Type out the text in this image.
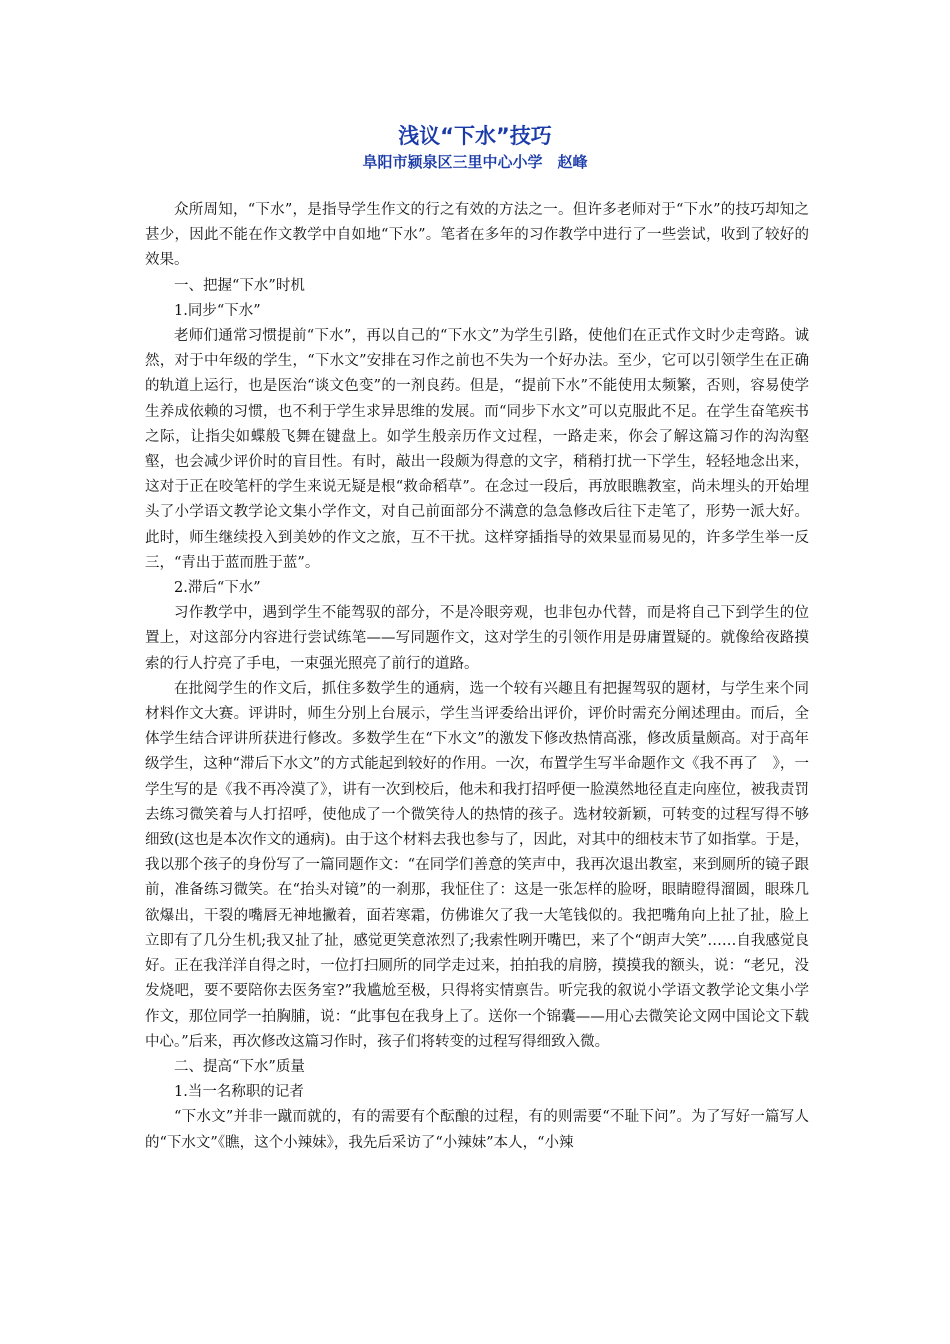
浅议“下水”技巧
阜阳市颍泉区三里中心小学　赵峰

众所周知，“下水”，是指导学生作文的行之有效的方法之一。但许多老师对于“下水”的技巧却知之甚少，因此不能在作文教学中自如地“下水”。笔者在多年的习作教学中进行了一些尝试，收到了较好的效果。

一、把握“下水”时机

1.同步“下水”

老师们通常习惯提前“下水”，再以自己的“下水文”为学生引路，使他们在正式作文时少走弯路。诚然，对于中年级的学生，“下水文”安排在习作之前也不失为一个好办法。至少，它可以引领学生在正确的轨道上运行，也是医治“谈文色变”的一剂良药。但是，“提前下水”不能使用太频繁，否则，容易使学生养成依赖的习惯，也不利于学生求异思维的发展。而“同步下水文”可以克服此不足。在学生奋笔疾书之际，让指尖如蝶般飞舞在键盘上。如学生般亲历作文过程，一路走来，你会了解这篇习作的沟沟壑壑，也会减少评价时的盲目性。有时，敲出一段颇为得意的文字，稍稍打扰一下学生，轻轻地念出来，这对于正在咬笔杆的学生来说无疑是根“救命稻草”。在念过一段后，再放眼瞧教室，尚未埋头的开始埋头了小学语文教学论文集小学作文，对自己前面部分不满意的急急修改后往下走笔了，形势一派大好。此时，师生继续投入到美妙的作文之旅，互不干扰。这样穿插指导的效果显而易见的，许多学生举一反三，“青出于蓝而胜于蓝”。

2.滞后“下水”

习作教学中，遇到学生不能驾驭的部分，不是冷眼旁观，也非包办代替，而是将自己下到学生的位置上，对这部分内容进行尝试练笔——写同题作文，这对学生的引领作用是毋庸置疑的。就像给夜路摸索的行人拧亮了手电，一束强光照亮了前行的道路。

在批阅学生的作文后，抓住多数学生的通病，选一个较有兴趣且有把握驾驭的题材，与学生来个同材料作文大赛。评讲时，师生分别上台展示，学生当评委给出评价，评价时需充分阐述理由。而后，全体学生结合评讲所获进行修改。多数学生在“下水文”的激发下修改热情高涨，修改质量颇高。对于高年级学生，这种“滞后下水文”的方式能起到较好的作用。一次，布置学生写半命题作文《我不再了　》，一学生写的是《我不再冷漠了》，讲有一次到校后，他未和我打招呼便一脸漠然地径直走向座位，被我责罚去练习微笑着与人打招呼，使他成了一个微笑待人的热情的孩子。选材较新颖，可转变的过程写得不够细致(这也是本次作文的通病)。由于这个材料去我也参与了，因此，对其中的细枝末节了如指掌。于是，我以那个孩子的身份写了一篇同题作文：“在同学们善意的笑声中，我再次退出教室，来到厕所的镜子跟前，准备练习微笑。在“抬头对镜”的一刹那，我怔住了：这是一张怎样的脸呀，眼睛瞪得溜圆，眼珠几欲爆出，干裂的嘴唇无神地撇着，面若寒霜，仿佛谁欠了我一大笔钱似的。我把嘴角向上扯了扯，脸上立即有了几分生机;我又扯了扯，感觉更笑意浓烈了;我索性咧开嘴巴，来了个“朗声大笑”……自我感觉良好。正在我洋洋自得之时，一位打扫厕所的同学走过来，拍拍我的肩膀，摸摸我的额头，说：“老兄，没发烧吧，要不要陪你去医务室?”我尴尬至极，只得将实情禀告。听完我的叙说小学语文教学论文集小学作文，那位同学一拍胸脯，说：“此事包在我身上了。送你一个锦囊——用心去微笑论文网中国论文下载中心。”后来，再次修改这篇习作时，孩子们将转变的过程写得细致入微。

二、提高“下水”质量

1.当一名称职的记者

“下水文”并非一蹴而就的，有的需要有个酝酿的过程，有的则需要“不耻下问”。为了写好一篇写人的“下水文”《瞧，这个小辣妹》，我先后采访了“小辣妹”本人，“小辣
